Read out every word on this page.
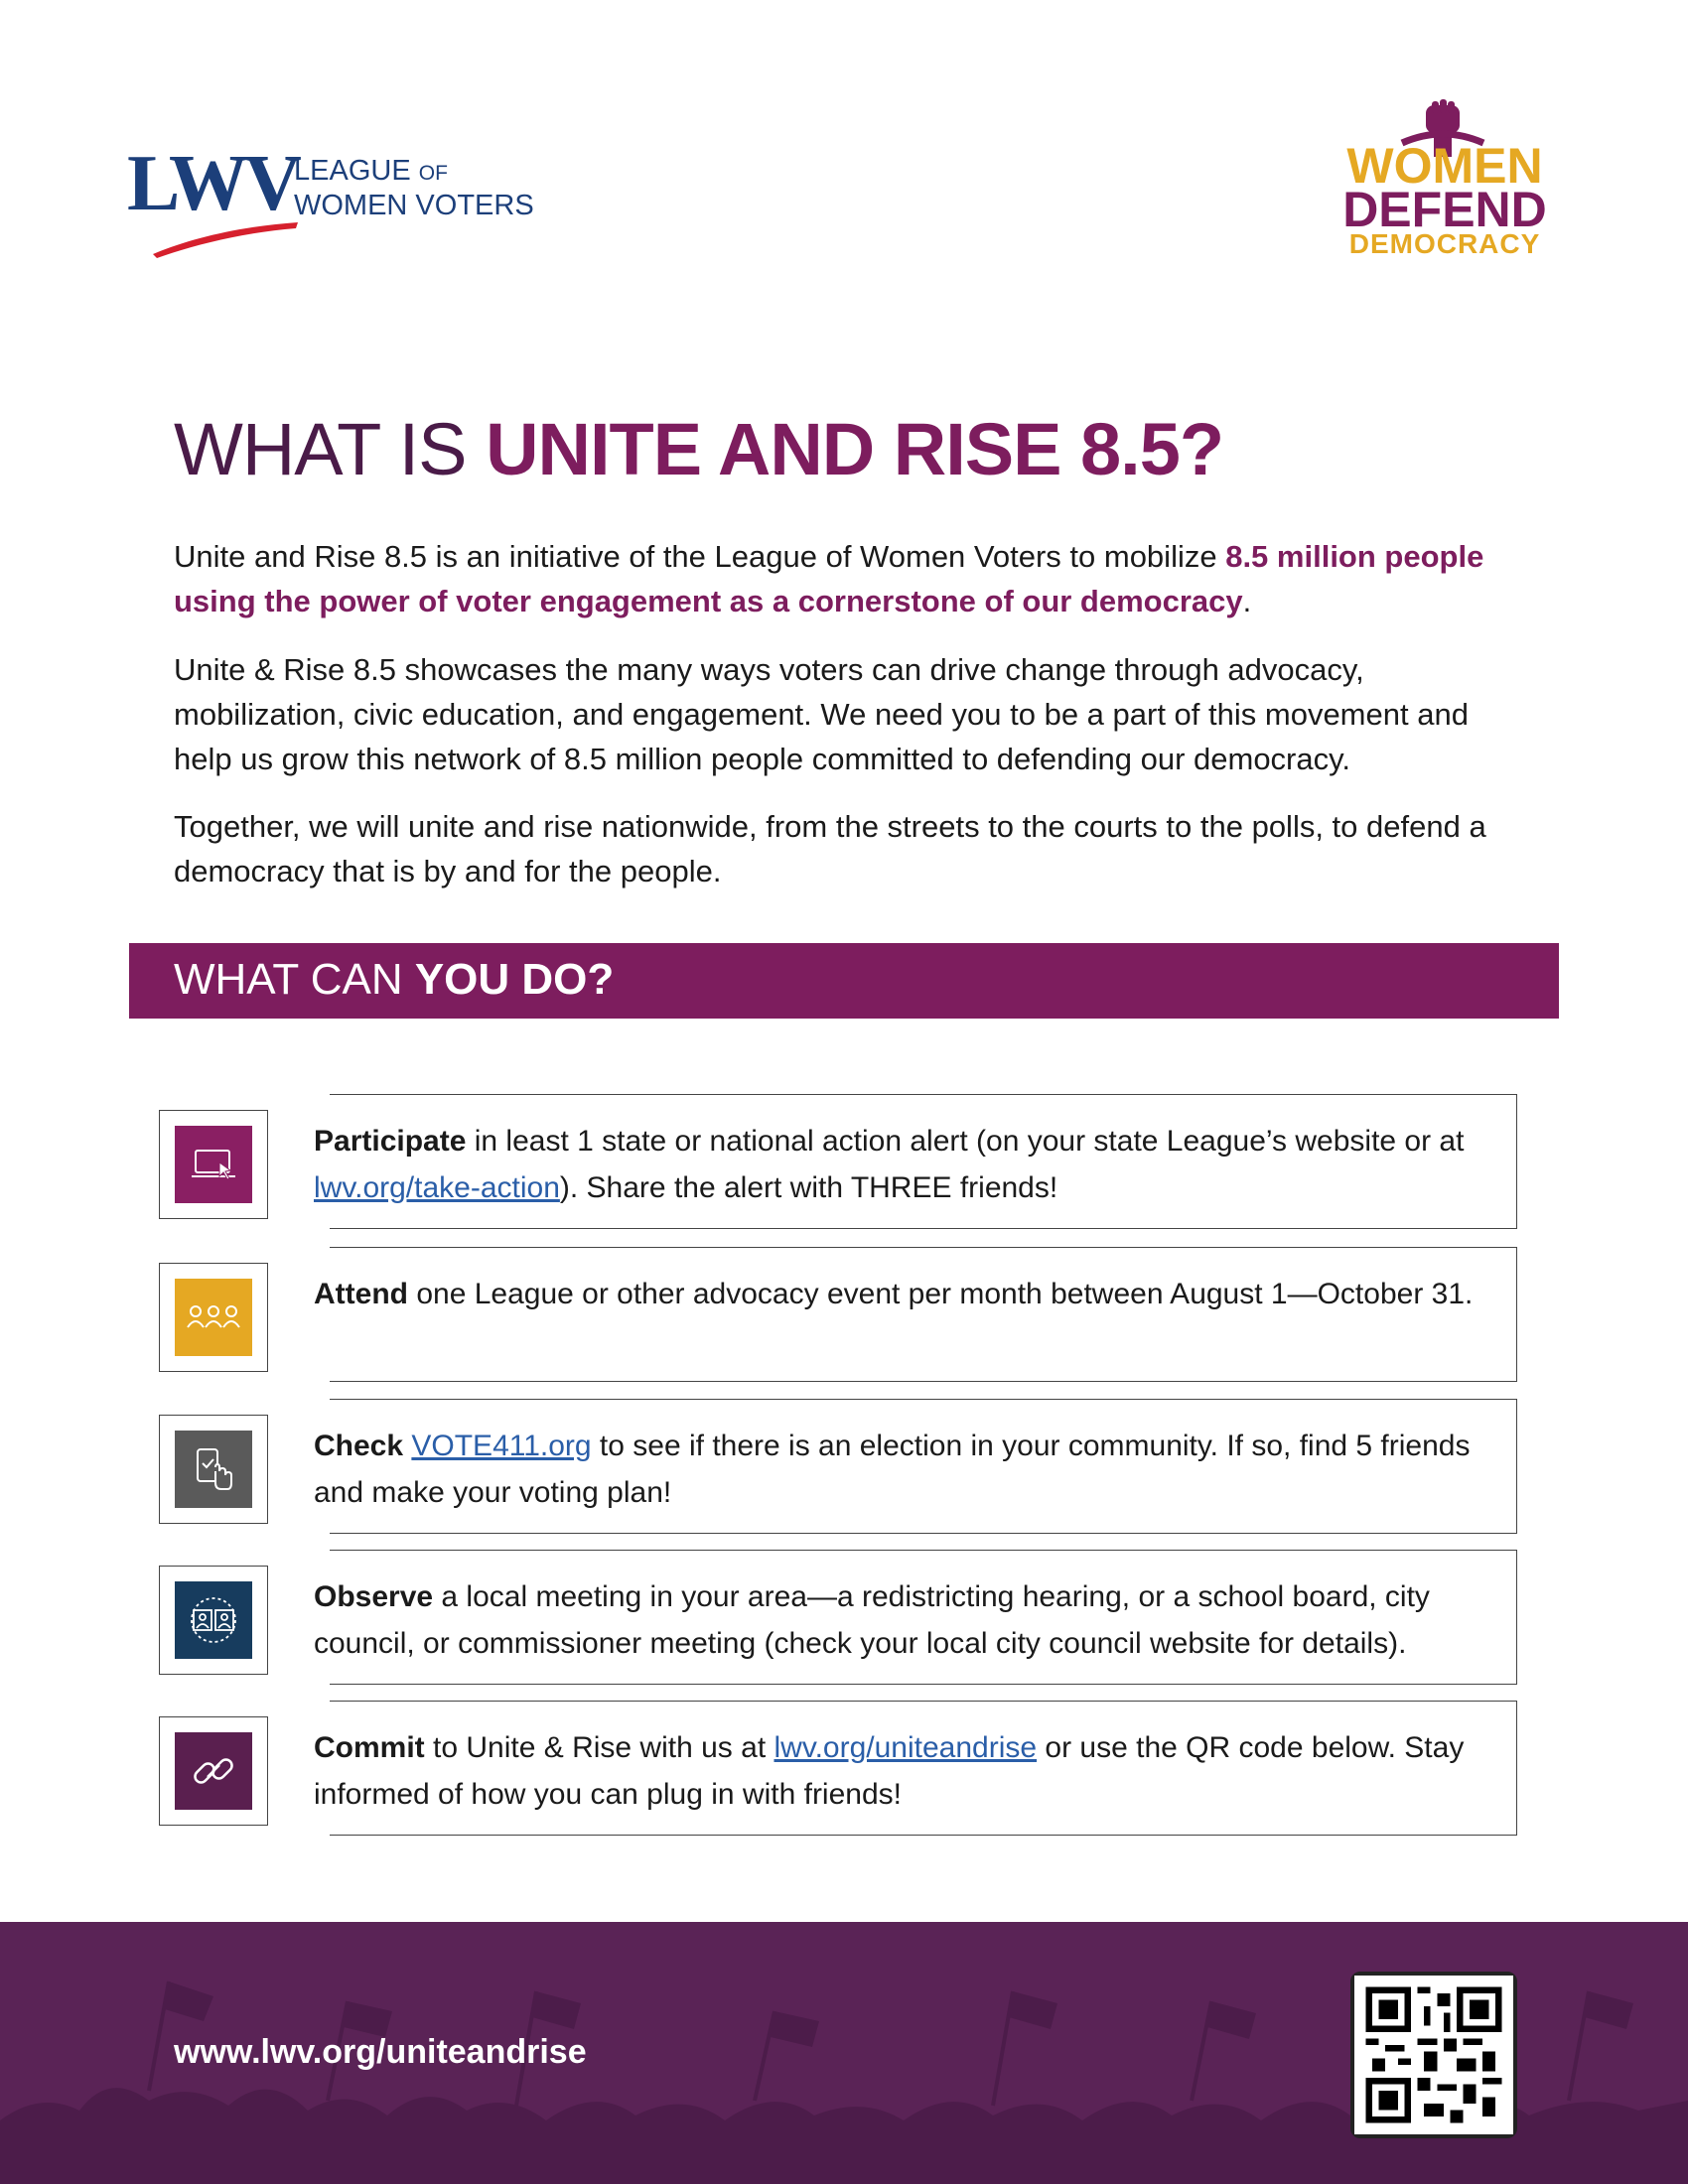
LWV
LEAGUE OF
WOMEN VOTERS
WOMEN
DEFEND
DEMOCRACY
WHAT IS UNITE AND RISE 8.5?

Unite and Rise 8.5 is an initiative of the League of Women Voters to mobilize 8.5 million people using the power of voter engagement as a cornerstone of our democracy.

Unite & Rise 8.5 showcases the many ways voters can drive change through advocacy, mobilization, civic education, and engagement. We need you to be a part of this movement and help us grow this network of 8.5 million people committed to defending our democracy.

Together, we will unite and rise nationwide, from the streets to the courts to the polls, to defend a democracy that is by and for the people.

WHAT CAN YOU DO?
Participate in least 1 state or national action alert (on your state League’s website or at lwv.org/take-action). Share the alert with THREE friends!
Attend one League or other advocacy event per month between August 1—October 31.
Check VOTE411.org to see if there is an election in your community. If so, find 5 friends and make your voting plan!
Observe a local meeting in your area—a redistricting hearing, or a school board, city council, or commissioner meeting (check your local city council website for details).
Commit to Unite & Rise with us at lwv.org/uniteandrise or use the QR code below. Stay informed of how you can plug in with friends!
www.lwv.org/uniteandrise
